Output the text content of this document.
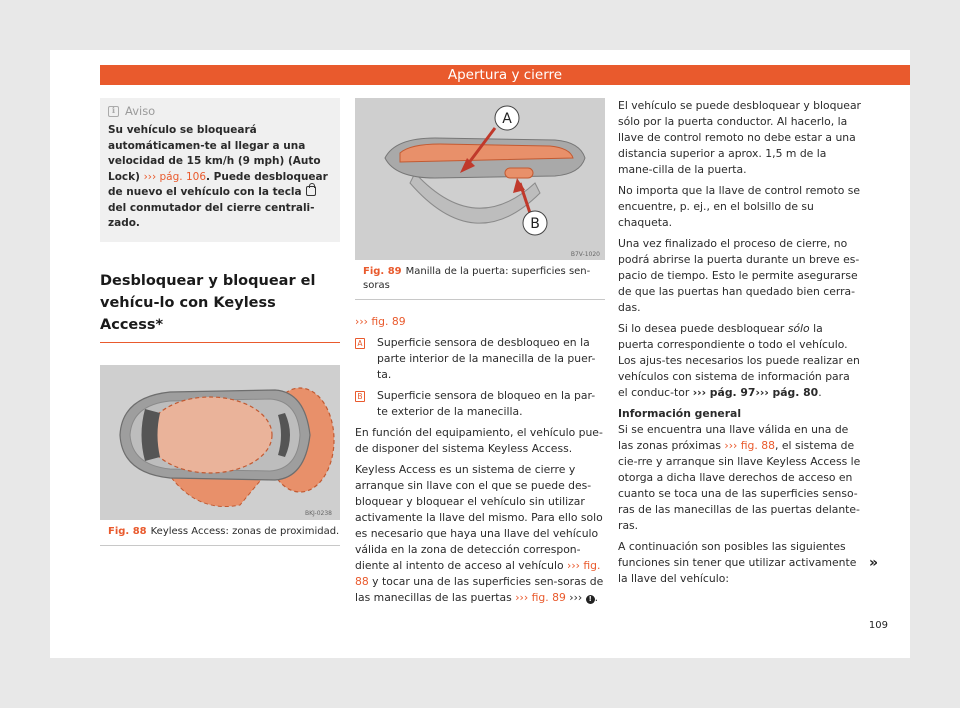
Apertura y cierre
i Aviso
Su vehículo se bloqueará automáticamen-te al llegar a una velocidad de 15 km/h (9 mph) (Auto Lock) ››› pág. 106. Puede desbloquear de nuevo el vehículo con la tecla  del conmutador del cierre centrali-zado.
Desbloquear y bloquear el vehícu-lo con Keyless Access*
BKJ-0238
Fig. 88 Keyless Access: zonas de proximidad.
A
B
B7V-1020
Fig. 89 Manilla de la puerta: superficies sen-soras
››› fig. 89
A Superficie sensora de desbloqueo en la parte interior de la manecilla de la puer-ta.
B Superficie sensora de bloqueo en la par-te exterior de la manecilla.

En función del equipamiento, el vehículo pue-de disponer del sistema Keyless Access.

Keyless Access es un sistema de cierre y arranque sin llave con el que se puede des-bloquear y bloquear el vehículo sin utilizar activamente la llave del mismo. Para ello solo es necesario que haya una llave del vehículo válida en la zona de detección correspon-diente al intento de acceso al vehículo ››› fig. 88 y tocar una de las superficies sen-soras de las manecillas de las puertas ››› fig. 89 ››› ! .

El vehículo se puede desbloquear y bloquear sólo por la puerta conductor. Al hacerlo, la llave de control remoto no debe estar a una distancia superior a aprox. 1,5 m de la mane-cilla de la puerta.

No importa que la llave de control remoto se encuentre, p. ej., en el bolsillo de su chaqueta.

Una vez finalizado el proceso de cierre, no podrá abrirse la puerta durante un breve es-pacio de tiempo. Esto le permite asegurarse de que las puertas han quedado bien cerra-das.

Si lo desea puede desbloquear sólo la puerta correspondiente o todo el vehículo. Los ajus-tes necesarios los puede realizar en vehículos con sistema de información para el conduc-tor ››› pág. 97››› pág. 80.

Información general

Si se encuentra una llave válida en una de las zonas próximas ››› fig. 88, el sistema de cie-rre y arranque sin llave Keyless Access le otorga a dicha llave derechos de acceso en cuanto se toca una de las superficies senso-ras de las manecillas de las puertas delante-ras.

A continuación son posibles las siguientes funciones sin tener que utilizar activamente la llave del vehículo:

»
109
